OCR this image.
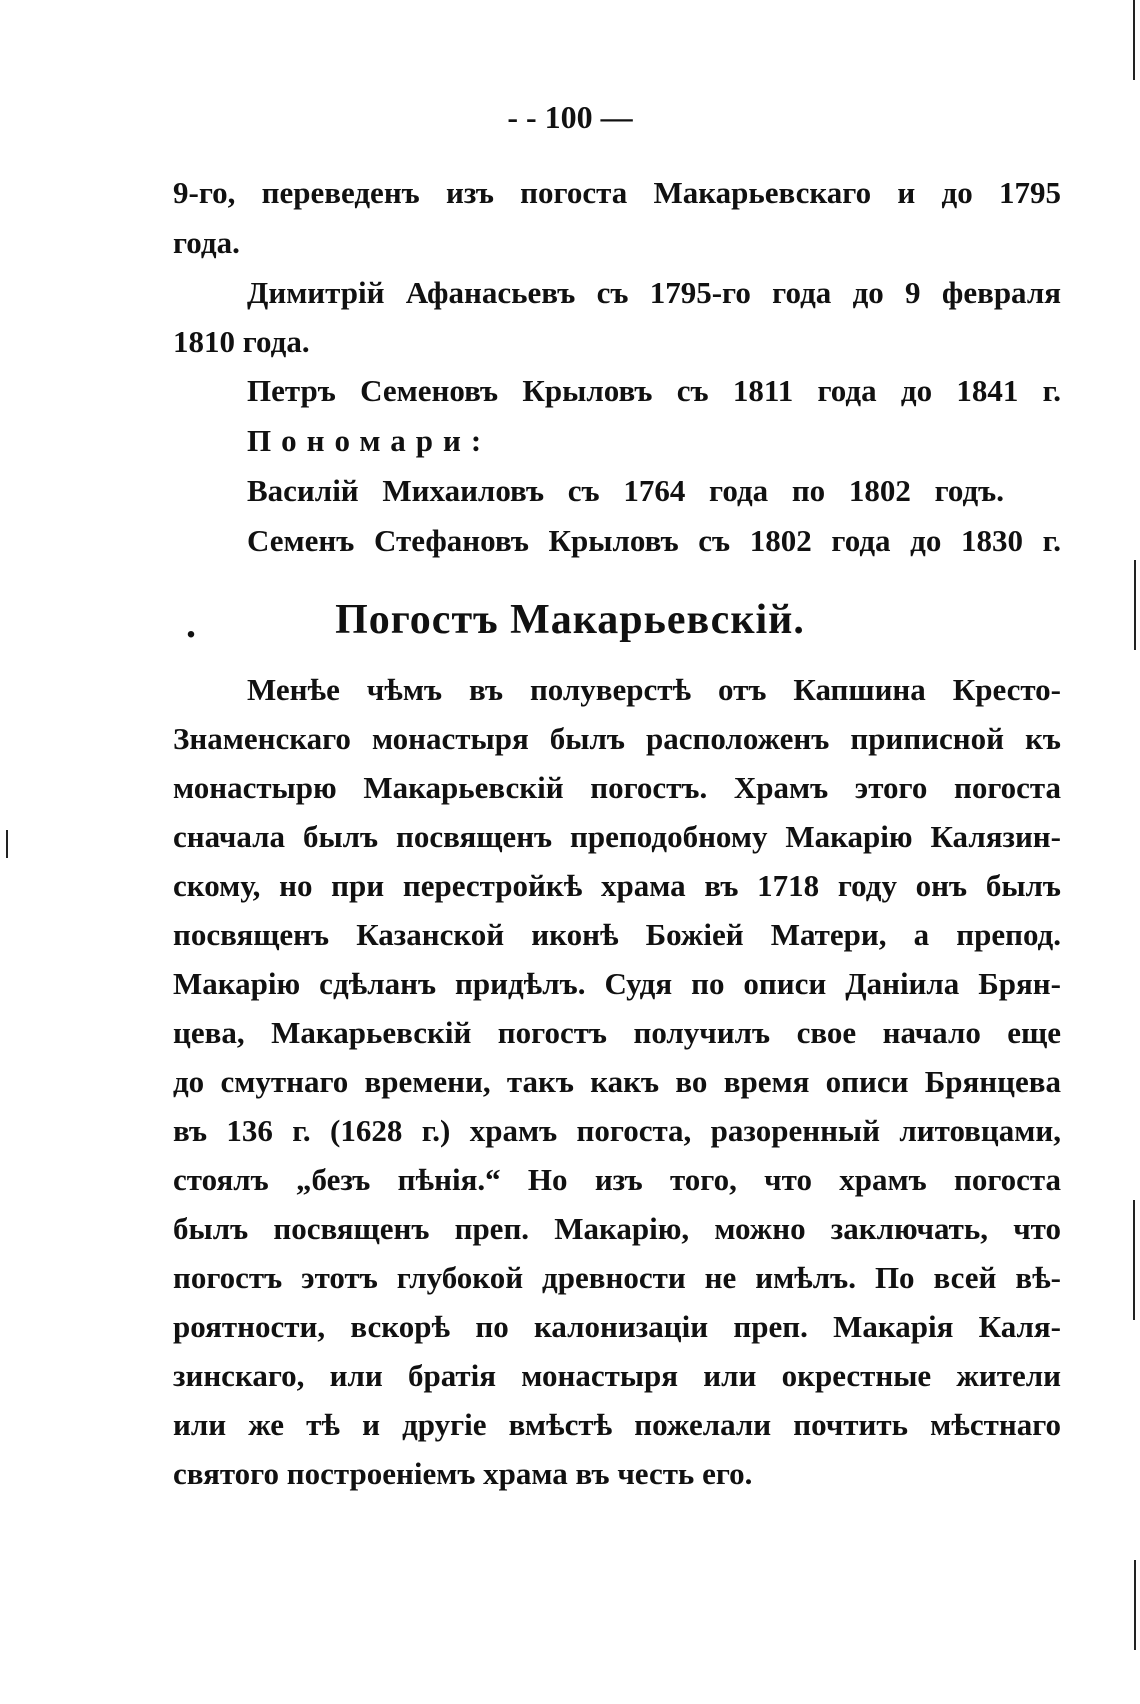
- - 100 —
9-го, переведенъ изъ погоста Макарьевскаго и до 1795
года.
Димитрій Афанасьевъ съ 1795-го года до 9 февраля
1810 года.
Петръ Семеновъ Крыловъ съ 1811 года до 1841 г.
Пономари:
Василій Михаиловъ съ 1764 года по 1802 годъ.
Семенъ Стефановъ Крыловъ съ 1802 года до 1830 г.
.	Погостъ Макарьевскій.
Менѣе чѣмъ въ полуверстѣ отъ Капшина Кресто-
Знаменскаго монастыря былъ расположенъ приписной къ
монастырю Макарьевскій погостъ. Храмъ этого погоста
сначала былъ посвященъ преподобному Макарію Калязин-
скому, но при перестройкѣ храма въ 1718 году онъ былъ
посвященъ Казанской иконѣ Божіей Матери, а препод.
Макарію сдѣланъ придѣлъ. Судя по описи Даніила Брян-
цева, Макарьевскій погостъ получилъ свое начало еще
до смутнаго времени, такъ какъ во время описи Брянцева
въ 136 г. (1628 г.) храмъ погоста, разоренный литовцами,
стоялъ „безъ пѣнія.“ Но изъ того, что храмъ погоста
былъ посвященъ преп. Макарію, можно заключать, что
погостъ этотъ глубокой древности не имѣлъ. По всей вѣ-
роятности, вскорѣ по калонизаціи преп. Макарія Каля-
зинскаго, или братія монастыря или окрестные жители
или же тѣ и другіе вмѣстѣ пожелали почтить мѣстнаго
святого построеніемъ храма въ честь его.
